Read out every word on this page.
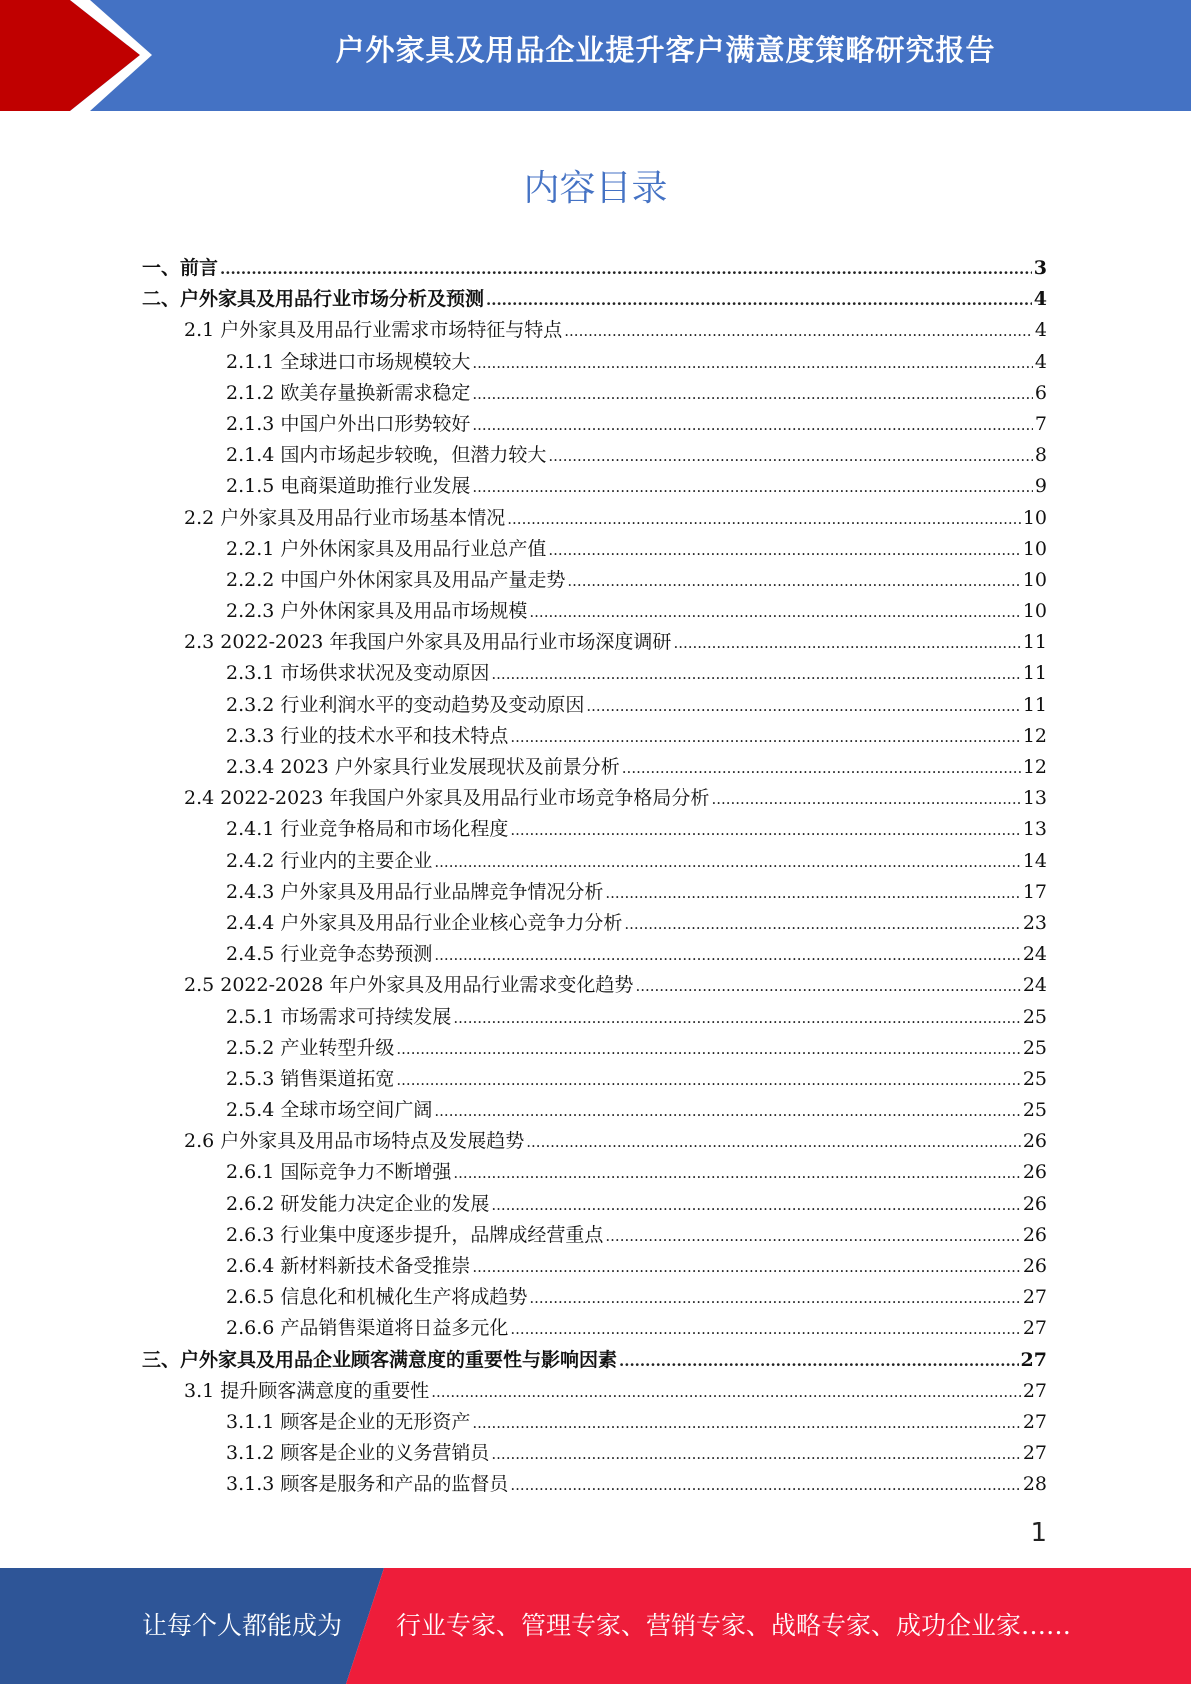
户外家具及用品企业提升客户满意度策略研究报告
内容目录
一、前言 .....	3
二、户外家具及用品行业市场分析及预测 .....	4
2.1 户外家具及用品行业需求市场特征与特点 .....	4
2.1.1 全球进口市场规模较大 .....	4
2.1.2 欧美存量换新需求稳定 .....	6
2.1.3 中国户外出口形势较好 .....	7
2.1.4 国内市场起步较晚，但潜力较大 .....	8
2.1.5 电商渠道助推行业发展 .....	9
2.2 户外家具及用品行业市场基本情况 .....	10
2.2.1 户外休闲家具及用品行业总产值 .....	10
2.2.2 中国户外休闲家具及用品产量走势 .....	10
2.2.3 户外休闲家具及用品市场规模 .....	10
2.3 2022-2023 年我国户外家具及用品行业市场深度调研 .....	11
2.3.1 市场供求状况及变动原因 .....	11
2.3.2 行业利润水平的变动趋势及变动原因 .....	11
2.3.3 行业的技术水平和技术特点 .....	12
2.3.4 2023 户外家具行业发展现状及前景分析 .....	12
2.4 2022-2023 年我国户外家具及用品行业市场竞争格局分析 .....	13
2.4.1 行业竞争格局和市场化程度 .....	13
2.4.2 行业内的主要企业 .....	14
2.4.3 户外家具及用品行业品牌竞争情况分析 .....	17
2.4.4 户外家具及用品行业企业核心竞争力分析 .....	23
2.4.5 行业竞争态势预测 .....	24
2.5 2022-2028 年户外家具及用品行业需求变化趋势 .....	24
2.5.1 市场需求可持续发展 .....	25
2.5.2 产业转型升级 .....	25
2.5.3 销售渠道拓宽 .....	25
2.5.4 全球市场空间广阔 .....	25
2.6 户外家具及用品市场特点及发展趋势 .....	26
2.6.1 国际竞争力不断增强 .....	26
2.6.2 研发能力决定企业的发展 .....	26
2.6.3 行业集中度逐步提升，品牌成经营重点 .....	26
2.6.4 新材料新技术备受推崇 .....	26
2.6.5 信息化和机械化生产将成趋势 .....	27
2.6.6 产品销售渠道将日益多元化 .....	27
三、户外家具及用品企业顾客满意度的重要性与影响因素 .....	27
3.1 提升顾客满意度的重要性 .....	27
3.1.1 顾客是企业的无形资产 .....	27
3.1.2 顾客是企业的义务营销员 .....	27
3.1.3 顾客是服务和产品的监督员 .....	28
1
让每个人都能成为 行业专家、管理专家、营销专家、战略专家、成功企业家……
